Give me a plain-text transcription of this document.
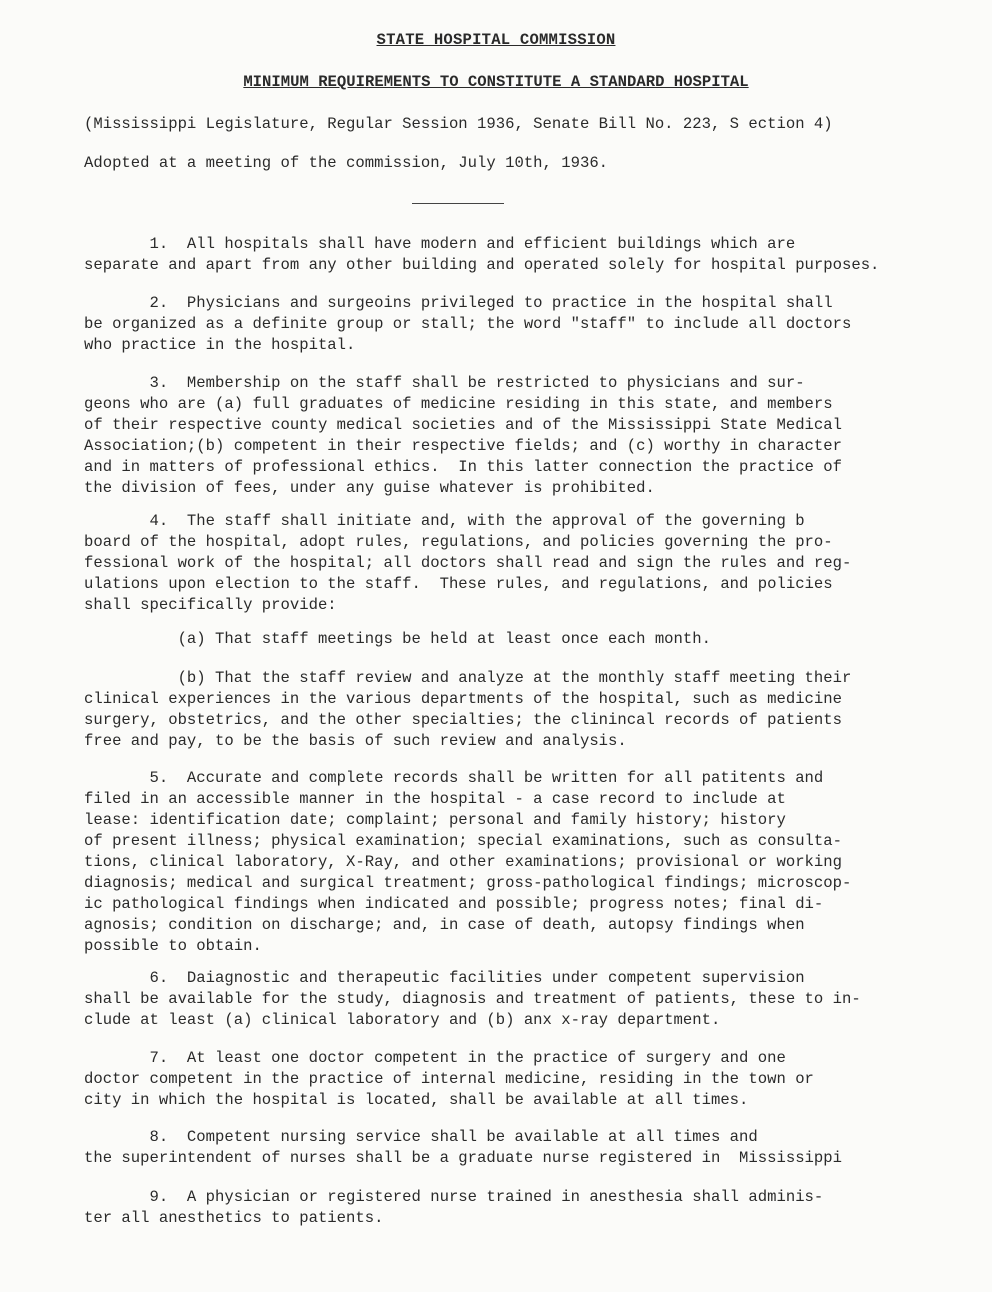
STATE HOSPITAL COMMISSION
MINIMUM REQUIREMENTS TO CONSTITUTE A STANDARD HOSPITAL
(Mississippi Legislature, Regular Session 1936, Senate Bill No. 223, S ection 4)
Adopted at a meeting of the commission, July 10th, 1936.

1.  All hospitals shall have modern and efficient buildings which are

separate and apart from any other building and operated solely for hospital purposes.

2.  Physicians and surgeoins privileged to practice in the hospital shall

be organized as a definite group or stall; the word "staff" to include all doctors

who practice in the hospital.

3.  Membership on the staff shall be restricted to physicians and sur-

geons who are (a) full graduates of medicine residing in this state, and members

of their respective county medical societies and of the Mississippi State Medical

Association;(b) competent in their respective fields; and (c) worthy in character

and in matters of professional ethics.  In this latter connection the practice of

the division of fees, under any guise whatever is prohibited.

4.  The staff shall initiate and, with the approval of the governing b

board of the hospital, adopt rules, regulations, and policies governing the pro-

fessional work of the hospital; all doctors shall read and sign the rules and reg-

ulations upon election to the staff.  These rules, and regulations, and policies

shall specifically provide:

(a) That staff meetings be held at least once each month.

(b) That the staff review and analyze at the monthly staff meeting their

clinical experiences in the various departments of the hospital, such as medicine

surgery, obstetrics, and the other specialties; the clinincal records of patients

free and pay, to be the basis of such review and analysis.

5.  Accurate and complete records shall be written for all patitents and

filed in an accessible manner in the hospital - a case record to include at

lease: identification date; complaint; personal and family history; history

of present illness; physical examination; special examinations, such as consulta-

tions, clinical laboratory, X-Ray, and other examinations; provisional or working

diagnosis; medical and surgical treatment; gross-pathological findings; microscop-

ic pathological findings when indicated and possible; progress notes; final di-

agnosis; condition on discharge; and, in case of death, autopsy findings when

possible to obtain.

6.  Daiagnostic and therapeutic facilities under competent supervision

shall be available for the study, diagnosis and treatment of patients, these to in-

clude at least (a) clinical laboratory and (b) anx x-ray department.

7.  At least one doctor competent in the practice of surgery and one

doctor competent in the practice of internal medicine, residing in the town or

city in which the hospital is located, shall be available at all times.

8.  Competent nursing service shall be available at all times and

the superintendent of nurses shall be a graduate nurse registered in  Mississippi

9.  A physician or registered nurse trained in anesthesia shall adminis-

ter all anesthetics to patients.
